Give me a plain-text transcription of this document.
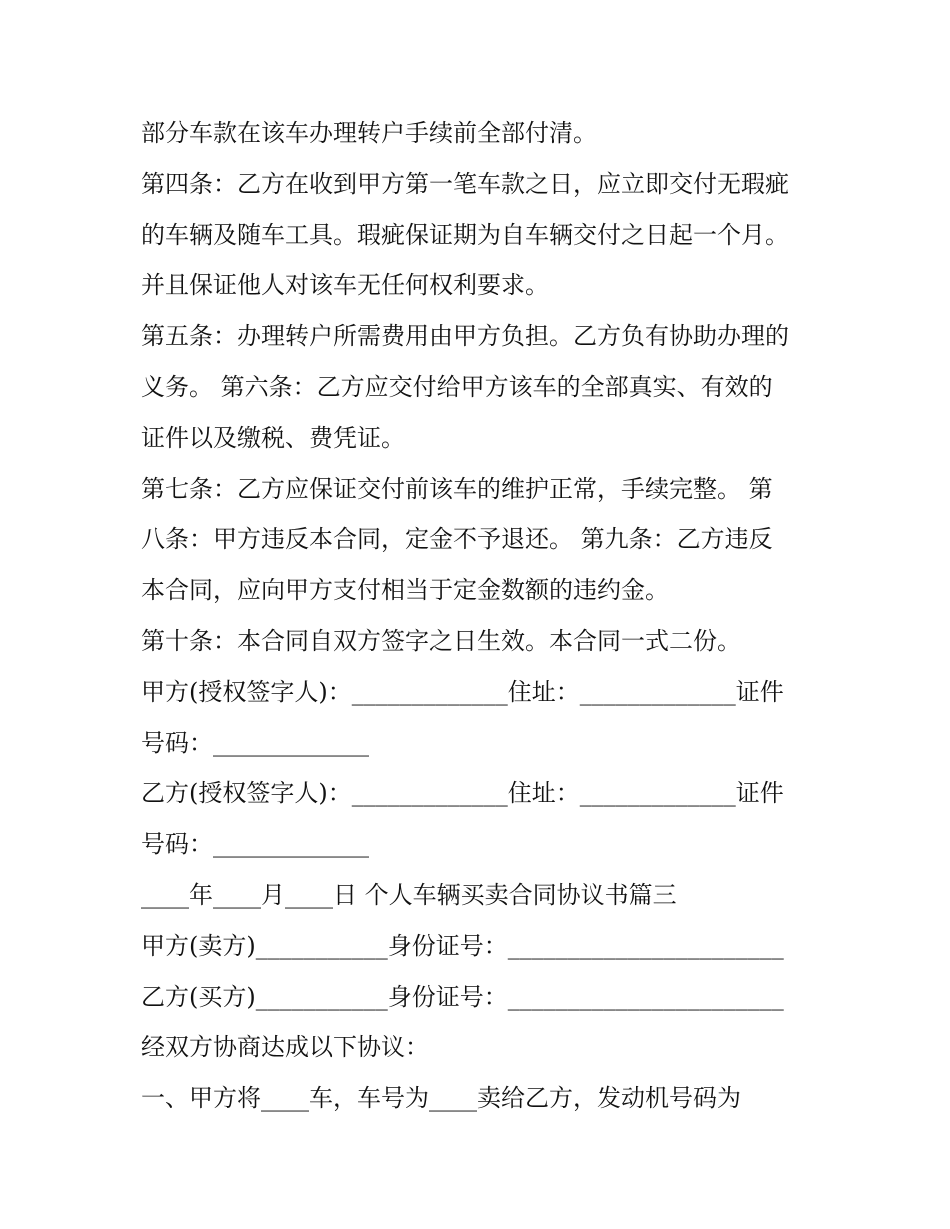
部分车款在该车办理转户手续前全部付清。
第四条：乙方在收到甲方第一笔车款之日，应立即交付无瑕疵
的车辆及随车工具。瑕疵保证期为自车辆交付之日起一个月。
并且保证他人对该车无任何权利要求。
第五条：办理转户所需费用由甲方负担。乙方负有协助办理的
义务。 第六条：乙方应交付给甲方该车的全部真实、有效的
证件以及缴税、费凭证。
第七条：乙方应保证交付前该车的维护正常，手续完整。 第
八条：甲方违反本合同，定金不予退还。 第九条：乙方违反
本合同，应向甲方支付相当于定金数额的违约金。
第十条：本合同自双方签字之日生效。本合同一式二份。
甲方(授权签字人)：_____________住址：_____________证件
号码：_____________
乙方(授权签字人)：_____________住址：_____________证件
号码：_____________
____年____月____日 个人车辆买卖合同协议书篇三
甲方(卖方)___________身份证号：_______________________
乙方(买方)___________身份证号：_______________________
经双方协商达成以下协议：
一、甲方将____车，车号为____卖给乙方，发动机号码为
